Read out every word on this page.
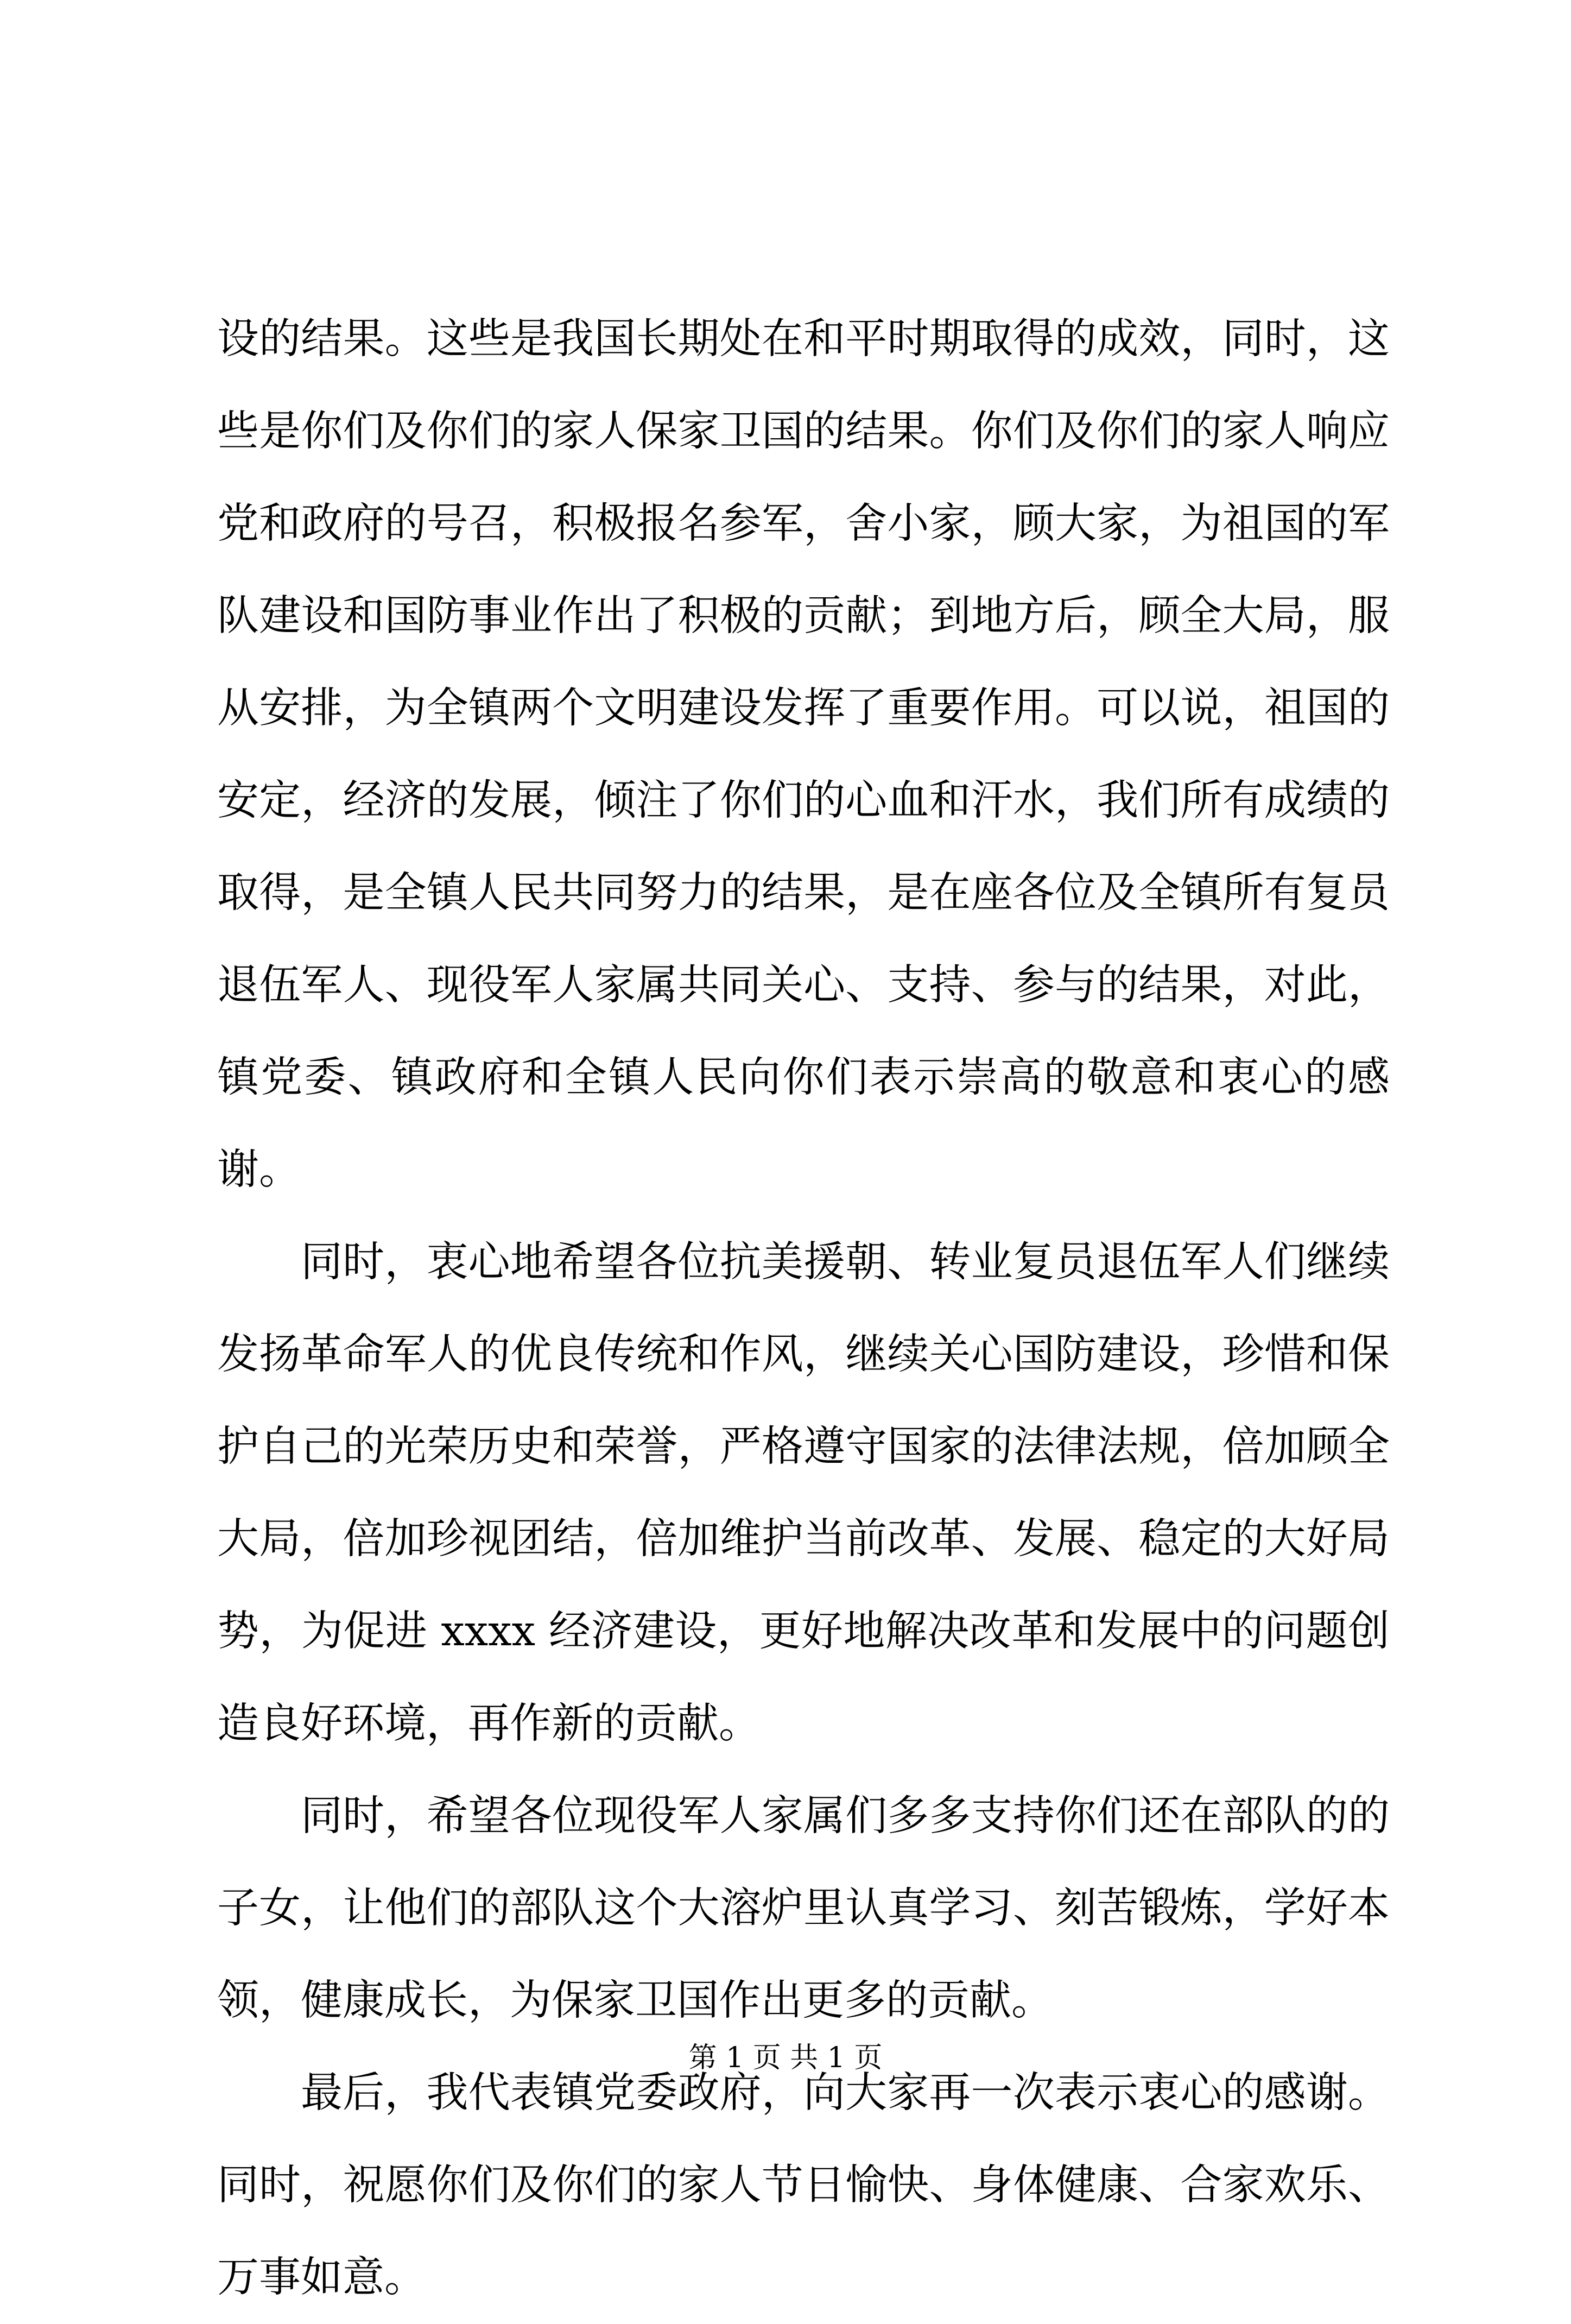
设的结果。这些是我国长期处在和平时期取得的成效，同时，这些是你们及你们的家人保家卫国的结果。你们及你们的家人响应党和政府的号召，积极报名参军，舍小家，顾大家，为祖国的军队建设和国防事业作出了积极的贡献；到地方后，顾全大局，服从安排，为全镇两个文明建设发挥了重要作用。可以说，祖国的安定，经济的发展，倾注了你们的心血和汗水，我们所有成绩的取得，是全镇人民共同努力的结果，是在座各位及全镇所有复员退伍军人、现役军人家属共同关心、支持、参与的结果，对此，镇党委、镇政府和全镇人民向你们表示崇高的敬意和衷心的感谢。

同时，衷心地希望各位抗美援朝、转业复员退伍军人们继续发扬革命军人的优良传统和作风，继续关心国防建设，珍惜和保护自己的光荣历史和荣誉，严格遵守国家的法律法规，倍加顾全大局，倍加珍视团结，倍加维护当前改革、发展、稳定的大好局势，为促进 xxxx 经济建设，更好地解决改革和发展中的问题创造良好环境，再作新的贡献。

同时，希望各位现役军人家属们多多支持你们还在部队的的子女，让他们的部队这个大溶炉里认真学习、刻苦锻炼，学好本领，健康成长，为保家卫国作出更多的贡献。

最后，我代表镇党委政府，向大家再一次表示衷心的感谢。同时，祝愿你们及你们的家人节日愉快、身体健康、合家欢乐、万事如意。

第 1 页 共 1 页
